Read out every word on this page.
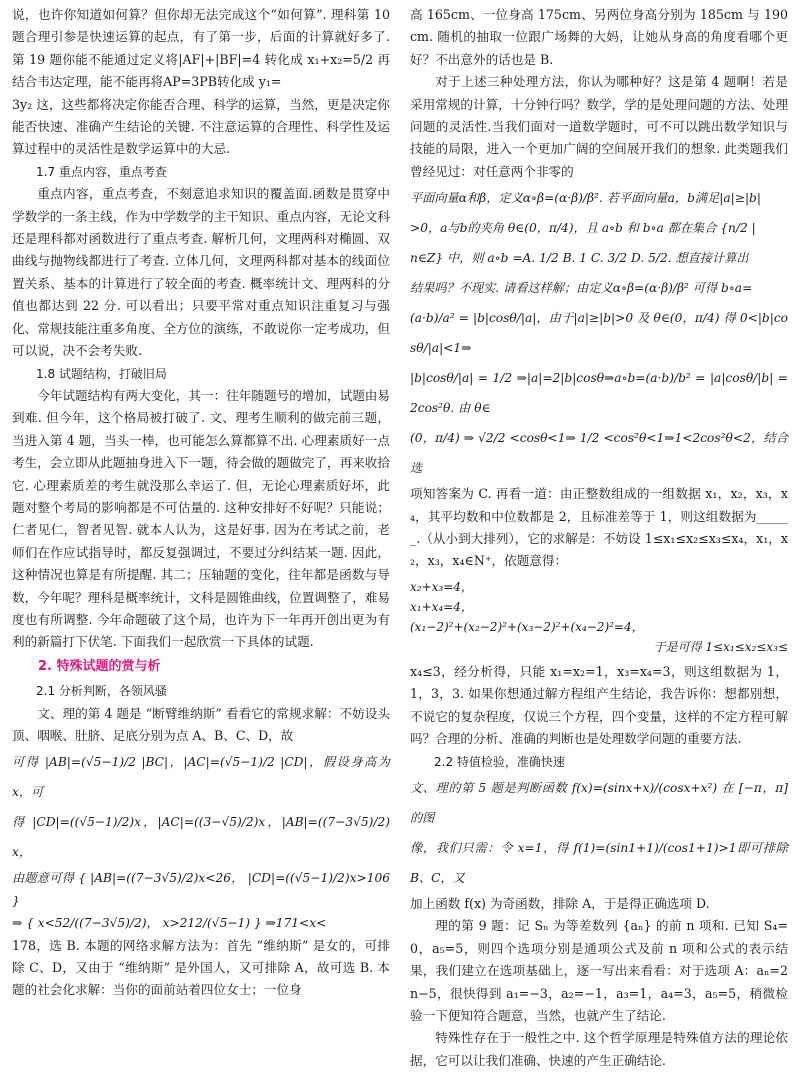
说，也许你知道如何算？但你却无法完成这个“如何算”. 理科第 10 题合理引参是快速运算的起点，有了第一步，后面的计算就好多了. 第 19 题你能不能通过定义将|AF|+|BF|=4 转化成 x₁+x₂=5/2 再结合韦达定理，能不能再将AP=3PB转化成 y₁=

3y₂ 这，这些都将决定你能否合理、科学的运算，当然，更是决定你能否快速、准确产生结论的关键. 不注意运算的合理性、科学性及运算过程中的灵活性是数学运算中的大忌.

1.7 重点内容，重点考查

重点内容，重点考查，不刻意追求知识的覆盖面.函数是贯穿中学数学的一条主线，作为中学数学的主干知识、重点内容，无论文科还是理科都对函数进行了重点考查. 解析几何，文理两科对椭圆、双曲线与抛物线都进行了考查. 立体几何，文理两科都对基本的线面位置关系、基本的计算进行了较全面的考查. 概率统计文、理两科的分值也都达到 22 分. 可以看出；只要平常对重点知识注重复习与强化、常规技能注重多角度、全方位的演练，不敢说你一定考成功，但可以说，决不会考失败.

1.8 试题结构，打破旧局

今年试题结构有两大变化，其一：往年随题号的增加，试题由易到难. 但今年，这个格局被打破了. 文、理考生顺利的做完前三题，当进入第 4 题，当头一棒，也可能怎么算都算不出. 心理素质好一点考生，会立即从此题抽身进入下一题，待会做的题做完了，再来收拾它. 心理素质差的考生就没那么幸运了. 但，无论心理素质好坏，此题对整个考局的影响都是不可估量的. 这种安排好不好呢？只能说；仁者见仁，智者见智. 就本人认为，这是好事. 因为在考试之前，老师们在作应试指导时，都反复强调过，不要过分纠结某一题. 因此，这种情况也算是有所提醒. 其二；压轴题的变化，往年都是函数与导数，今年呢？理科是概率统计，文科是圆锥曲线，位置调整了，难易度也有所调整. 今年命题破了这个局，也许为下一年再开创出更为有利的新篇打下伏笔. 下面我们一起欣赏一下具体的试题.

2. 特殊试题的赏与析
2.1 分析判断，各领风骚

文、理的第 4 题是 “断臂维纳斯” 看看它的常规求解：不妨设头顶、咽喉、肚脐、足底分别为点 A、B、C、D，故

可得 |AB|=(√5−1)/2 |BC|，|AC|=(√5−1)/2 |CD|，假设身高为 x，可

得 |CD|=((√5−1)/2)x，|AC|=((3−√5)/2)x，|AB|=((7−3√5)/2)x，

由题意可得 { |AB|=((7−3√5)/2)x<26， |CD|=((√5−1)/2)x>106 }

⇒ { x<52/((7−3√5)/2)， x>212/(√5−1) } ⇒171<x<

178，选 B. 本题的网络求解方法为：首先 “维纳斯” 是女的，可排除 C、D，又由于 “维纳斯” 是外国人，又可排除 A，故可选 B. 本题的社会化求解：当你的面前站着四位女士；一位身

高 165cm、一位身高 175cm、另两位身高分别为 185cm 与 190cm. 随机的抽取一位跟广场舞的大妈，让她从身高的角度看哪个更好？不出意外的话也是 B.

对于上述三种处理方法，你认为哪种好？这是第 4 题啊！若是采用常规的计算，十分钟行吗？数学，学的是处理问题的方法、处理问题的灵活性.当我们面对一道数学题时，可不可以跳出数学知识与技能的局限，进入一个更加广阔的空间展开我们的想象. 此类题我们曾经见过：对任意两个非零的

平面向量α和β，定义α∘β=(α·β)/β². 若平面向量a，b满足|a|≥|b|

>0，a与b的夹角 θ∈(0，π/4)，且 a∘b 和 b∘a 都在集合 {n/2 |

n∈Z} 中，则 a∘b =A. 1/2 B. 1 C. 3/2 D. 5/2. 想直接计算出

结果吗？不现实. 请看这样解；由定义α∘β=(α·β)/β² 可得 b∘a=

(a·b)/a² = |b|cosθ/|a|，由于|a|≥|b|>0 及 θ∈(0，π/4) 得 0<|b|cosθ/|a|<1⇒

|b|cosθ/|a| = 1/2 ⇒|a|=2|b|cosθ⇒a∘b=(a·b)/b² = |a|cosθ/|b| =2cos²θ. 由 θ∈

(0，π/4) ⇒ √2/2 <cosθ<1⇒ 1/2 <cos²θ<1⇒1<2cos²θ<2，结合选

项知答案为 C. 再看一道：由正整数组成的一组数据 x₁，x₂，x₃，x₄，其平均数和中位数都是 2，且标准差等于 1，则这组数据为______.（从小到大排列），它的求解是：不妨设 1≤x₁≤x₂≤x₃≤x₄，x₁，x₂，x₃，x₄∈N⁺，依题意得：

x₂+x₃=4，
x₁+x₄=4，
(x₁−2)²+(x₂−2)²+(x₃−2)²+(x₄−2)²=4，
于是可得 1≤x₁≤x₂≤x₃≤

x₄≤3，经分析得，只能 x₁=x₂=1，x₃=x₄=3，则这组数据为 1，1，3，3. 如果你想通过解方程组产生结论，我告诉你：想都别想，不说它的复杂程度，仅说三个方程，四个变量，这样的不定方程可解吗？合理的分析、准确的判断也是处理数学问题的重要方法.

2.2 特值检验，准确快速

文、理的第 5 题是判断函数 f(x)=(sinx+x)/(cosx+x²) 在 [−π，π] 的图

像，我们只需：令 x=1，得 f(1)=(sin1+1)/(cos1+1)>1即可排除 B、C，又

加上函数 f(x) 为奇函数，排除 A，于是得正确选项 D.

理的第 9 题：记 Sₙ 为等差数列 {aₙ} 的前 n 项和. 已知 S₄=0，a₅=5，则四个选项分别是通项公式及前 n 项和公式的表示结果，我们建立在选项基础上，逐一写出来看看：对于选项 A：aₙ=2n−5，很快得到 a₁=−3，a₂=−1，a₃=1，a₄=3，a₅=5，稍微检验一下便知符合题意，当然，也就产生了结论.

特殊性存在于一般性之中. 这个哲学原理是特殊值方法的理论依据，它可以让我们准确、快速的产生正确结论.
